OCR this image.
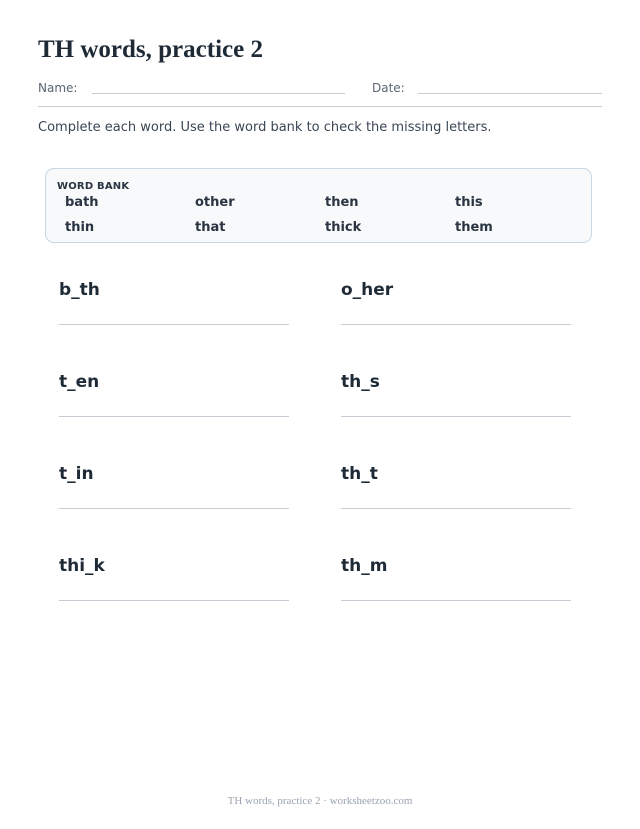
TH words, practice 2
Name:	Date:

Complete each word. Use the word bank to check the missing letters.

WORD BANK
bath	other	then	this
thin	that	thick	them
b_th	o_her
t_en	th_s
t_in	th_t
thi_k	th_m
TH words, practice 2 · worksheetzoo.com
